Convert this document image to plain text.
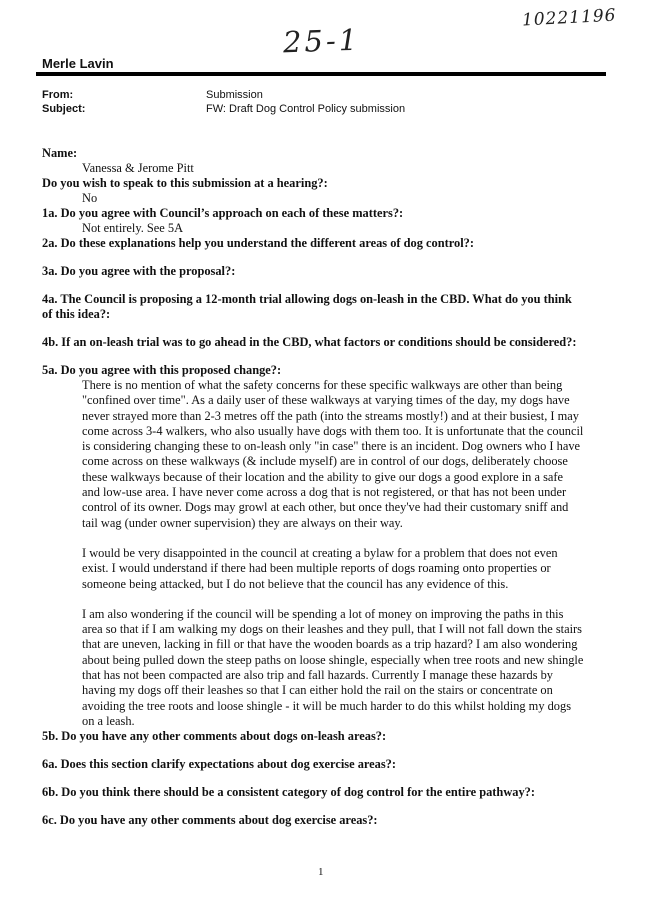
10221196
25-1
Merle Lavin
From:	Submission
Subject:	FW: Draft Dog Control Policy submission

Name:

Vanessa & Jerome Pitt

Do you wish to speak to this submission at a hearing?:

No

1a. Do you agree with Council’s approach on each of these matters?:

Not entirely. See 5A

2a. Do these explanations help you understand the different areas of dog control?:

3a. Do you agree with the proposal?:

4a. The Council is proposing a 12-month trial allowing dogs on-leash in the CBD. What do you think
of this idea?:

4b. If an on-leash trial was to go ahead in the CBD, what factors or conditions should be considered?:

5a. Do you agree with this proposed change?:

There is no mention of what the safety concerns for these specific walkways are other than being
"confined over time". As a daily user of these walkways at varying times of the day, my dogs have
never strayed more than 2-3 metres off the path (into the streams mostly!) and at their busiest, I may
come across 3-4 walkers, who also usually have dogs with them too. It is unfortunate that the council
is considering changing these to on-leash only "in case" there is an incident. Dog owners who I have
come across on these walkways (& include myself) are in control of our dogs, deliberately choose
these walkways because of their location and the ability to give our dogs a good explore in a safe
and low-use area. I have never come across a dog that is not registered, or that has not been under
control of its owner. Dogs may growl at each other, but once they've had their customary sniff and
tail wag (under owner supervision) they are always on their way.
I would be very disappointed in the council at creating a bylaw for a problem that does not even
exist. I would understand if there had been multiple reports of dogs roaming onto properties or
someone being attacked, but I do not believe that the council has any evidence of this.
I am also wondering if the council will be spending a lot of money on improving the paths in this
area so that if I am walking my dogs on their leashes and they pull, that I will not fall down the stairs
that are uneven, lacking in fill or that have the wooden boards as a trip hazard? I am also wondering
about being pulled down the steep paths on loose shingle, especially when tree roots and new shingle
that has not been compacted are also trip and fall hazards. Currently I manage these hazards by
having my dogs off their leashes so that I can either hold the rail on the stairs or concentrate on
avoiding the tree roots and loose shingle - it will be much harder to do this whilst holding my dogs
on a leash.

5b. Do you have any other comments about dogs on-leash areas?:

6a. Does this section clarify expectations about dog exercise areas?:

6b. Do you think there should be a consistent category of dog control for the entire pathway?:

6c. Do you have any other comments about dog exercise areas?:

1
